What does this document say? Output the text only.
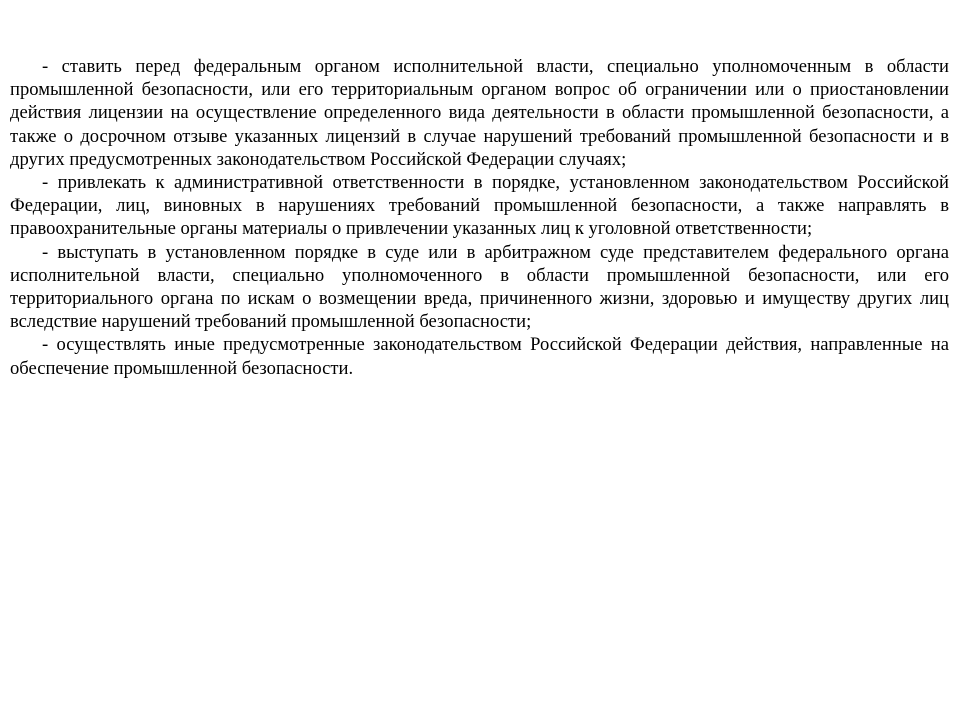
- ставить перед федеральным органом исполнительной власти, специально уполномоченным в области промышленной безопасности, или его территориальным органом вопрос об ограничении или о приостановлении действия лицензии на осуществление определенного вида деятельности в области промышленной безопасности, а также о досрочном отзыве указанных лицензий в случае нарушений требований промышленной безопасности и в других предусмотренных законодательством Российской Федерации случаях;

- привлекать к административной ответственности в порядке, установленном законодательством Российской Федерации, лиц, виновных в нарушениях требований промышленной безопасности, а также направлять в правоохранительные органы материалы о привлечении указанных лиц к уголовной ответственности;

- выступать в установленном порядке в суде или в арбитражном суде представителем федерального органа исполнительной власти, специально уполномоченного в области промышленной безопасности, или его территориального органа по искам о возмещении вреда, причиненного жизни, здоровью и имуществу других лиц вследствие нарушений требований промышленной безопасности;

- осуществлять иные предусмотренные законодательством Российской Федерации действия, направленные на обеспечение промышленной безопасности.
